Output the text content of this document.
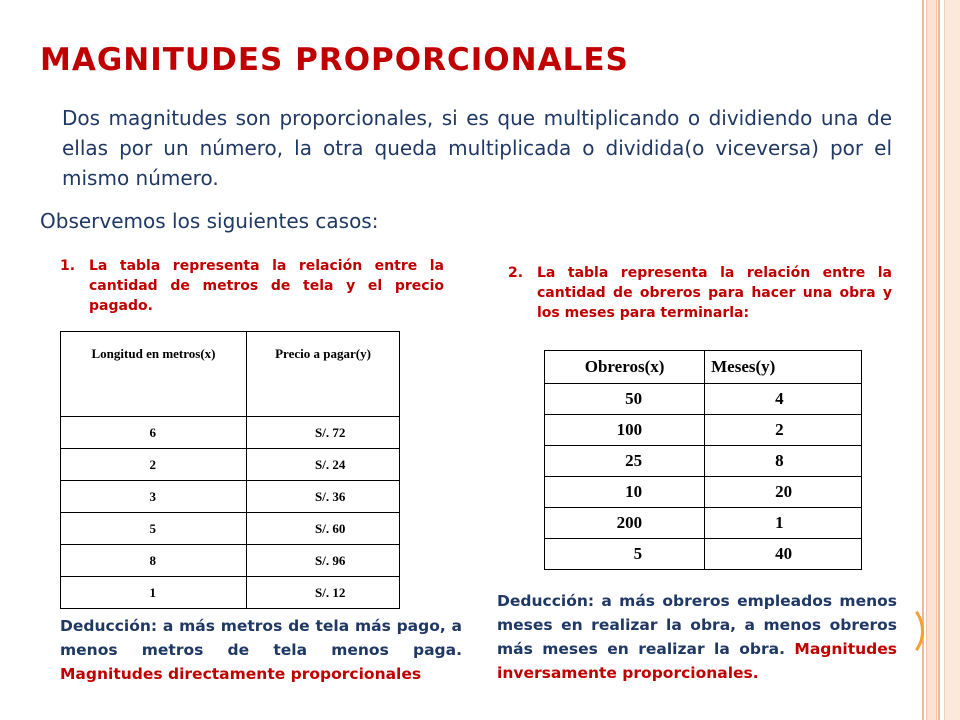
MAGNITUDES PROPORCIONALES

Dos magnitudes son proporcionales, si es que multiplicando o dividiendo una de ellas por un número, la otra queda multiplicada o dividida(o viceversa) por el mismo número.

Observemos los siguientes casos:

1. La tabla representa la relación entre la cantidad de metros de tela y el precio pagado.
Longitud en metros(x)	Precio a pagar(y)
6	S/. 72
2	S/. 24
3	S/. 36
5	S/. 60
8	S/. 96
1	S/. 12

Deducción: a más metros de tela más pago, a menos metros de tela menos paga. Magnitudes directamente proporcionales

2. La tabla representa la relación entre la cantidad de obreros para hacer una obra y los meses para terminarla:
Obreros(x)	Meses(y)
50	4
100	2
25	8
10	20
200	1
5	40

Deducción: a más obreros empleados menos meses en realizar la obra, a menos obreros más meses en realizar la obra. Magnitudes inversamente proporcionales.
